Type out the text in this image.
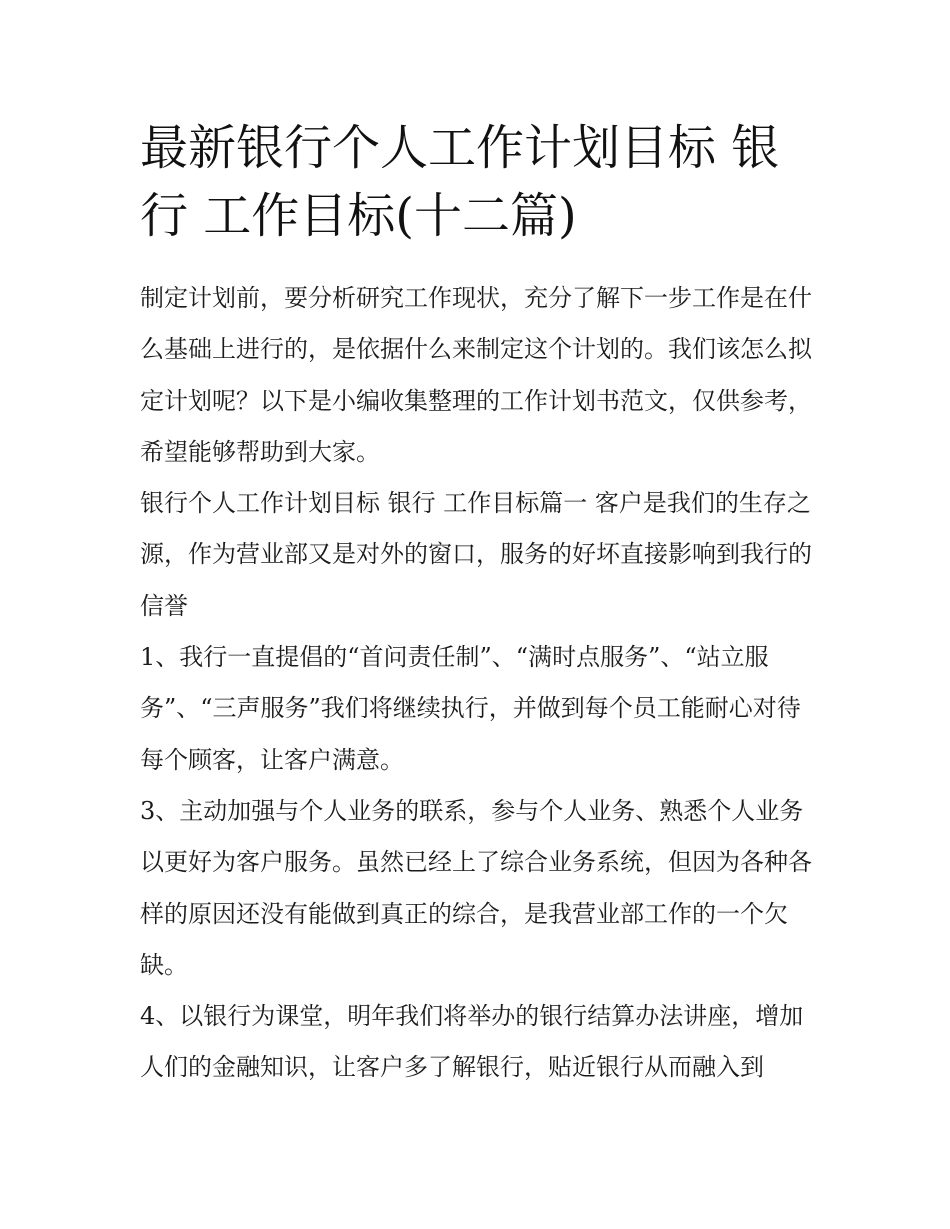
最新银行个人工作计划目标 银行 工作目标(十二篇)

制定计划前，要分析研究工作现状，充分了解下一步工作是在什么基础上进行的，是依据什么来制定这个计划的。我们该怎么拟定计划呢？以下是小编收集整理的工作计划书范文，仅供参考，希望能够帮助到大家。

银行个人工作计划目标 银行 工作目标篇一 客户是我们的生存之源，作为营业部又是对外的窗口，服务的好坏直接影响到我行的信誉

1、我行一直提倡的“首问责任制”、“满时点服务”、“站立服务”、“三声服务”我们将继续执行，并做到每个员工能耐心对待每个顾客，让客户满意。

3、主动加强与个人业务的联系，参与个人业务、熟悉个人业务以更好为客户服务。虽然已经上了综合业务系统，但因为各种各样的原因还没有能做到真正的综合，是我营业部工作的一个欠缺。

4、以银行为课堂，明年我们将举办的银行结算办法讲座，增加人们的金融知识，让客户多了解银行，贴近银行从而融入到
